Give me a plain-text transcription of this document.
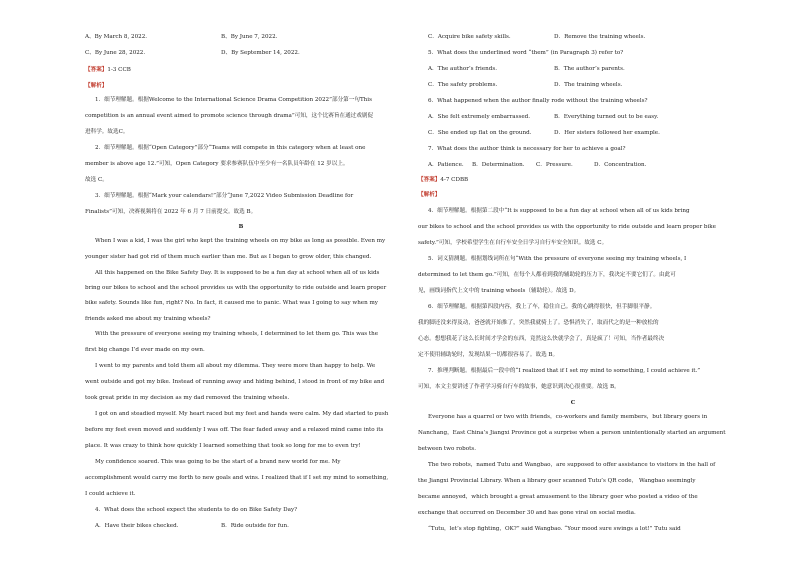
A、By March 8, 2022.	B、By June 7, 2022.
C、By June 28, 2022.	D、By September 14, 2022.
【答案】1-3 CCB
【解析】
1．细节理解题。根据Welcome to the International Science Drama Competition 2022”部分第一句This
competition is an annual event aimed to promote science through drama”可知，这个比赛旨在通过戏剧促
进科学。故选C。
2．细节理解题。根据“Open Category”部分“Teams will compete in this category when at least one
member is above age 12.”可知，Open Category 要求参赛队伍中至少有一名队员年龄在 12 岁以上。
故选 C。
3．细节理解题。根据“Mark your calendars!”部分“June 7,2022 Video Submission Deadline for
Finalists”可知，决赛视频将在 2022 年 6 月 7 日前提交。故选 B。
B
When I was a kid, I was the girl who kept the training wheels on my bike as long as possible. Even my
younger sister had got rid of them much earlier than me. But as I began to grow older, this changed.
All this happened on the Bike Safety Day. It is supposed to be a fun day at school when all of us kids
bring our bikes to school and the school provides us with the opportunity to ride outside and learn proper
bike safety. Sounds like fun, right? No. In fact, it caused me to panic. What was I going to say when my
friends asked me about my training wheels?
With the pressure of everyone seeing my training wheels, I determined to let them go. This was the
first big change I’d ever made on my own.
I went to my parents and told them all about my dilemma. They were more than happy to help. We
went outside and got my bike. Instead of running away and hiding behind, I stood in front of my bike and
took great pride in my decision as my dad removed the training wheels.
I got on and steadied myself. My heart raced but my feet and hands were calm. My dad started to push
before my feet even moved and suddenly I was off. The fear faded away and a relaxed mind came into its
place. It was crazy to think how quickly I learned something that took so long for me to even try!
My confidence soared. This was going to be the start of a brand new world for me. My
accomplishment would carry me forth to new goals and wins. I realized that if I set my mind to something,
I could achieve it.
4．What does the school expect the students to do on Bike Safety Day?
A．Have their bikes checked.	B．Ride outside for fun.
C．Acquire bike safety skills.	D．Remove the training wheels.
5．What does the underlined word “them” (in Paragraph 3) refer to?
A．The author’s friends.	B．The author’s parents.
C．The safety problems.	D．The training wheels.
6．What happened when the author finally rode without the training wheels?
A．She felt extremely embarrassed.	B．Everything turned out to be easy.
C．She ended up flat on the ground.	D．Her sisters followed her example.
7．What does the author think is necessary for her to achieve a goal?
A．Patience. B．Determination. C．Pressure.	D．Concentration.
【答案】4-7 CDBB
【解析】
4．细节理解题。根据第二段中“It is supposed to be a fun day at school when all of us kids bring
our bikes to school and the school provides us with the opportunity to ride outside and learn proper bike
safety.”可知，学校希望学生在自行车安全日学习自行车安全知识。故选 C。
5．词义猜测题。根据划线词所在句“With the pressure of everyone seeing my training wheels, I
determined to let them go.”可知，在每个人都看到我的辅助轮的压力下，我决定不要它们了。由此可
见，画线词指代上文中的 training wheels（辅助轮）。故选 D。
6．细节理解题。根据第四段内容，我上了车，稳住自己。我的心跳得很快，但手脚很平静。
我的脚还没来得及动，爸爸就开始推了，突然我就骑上了。恐惧消失了，取而代之的是一种放松的
心态。想想我花了这么长时间才学会的东西，竟然这么快就学会了，真是疯了！可知，当作者最终决
定不使用辅助轮时，发现结果一切都很容易了。故选 B。
7．推理判断题。根据最后一段中的“I realized that if I set my mind to something, I could achieve it.”
可知，本文主要讲述了作者学习骑自行车的故事，她意识到决心很重要。故选 B。
C
Everyone has a quarrel or two with friends，co-workers and family members，but library goers in
Nanchang，East China’s Jiangxi Province got a surprise when a person unintentionally started an argument
between two robots.
The two robots，named Tutu and Wangbao，are supposed to offer assistance to visitors in the hall of
the Jiangxi Provincial Library. When a library goer scanned Tutu’s QR code， Wangbao seemingly
became annoyed，which brought a great amusement to the library goer who posted a video of the
exchange that occurred on December 30 and has gone viral on social media.
“Tutu，let’s stop fighting，OK?” said Wangbao. “Your mood sure swings a lot!” Tutu said
